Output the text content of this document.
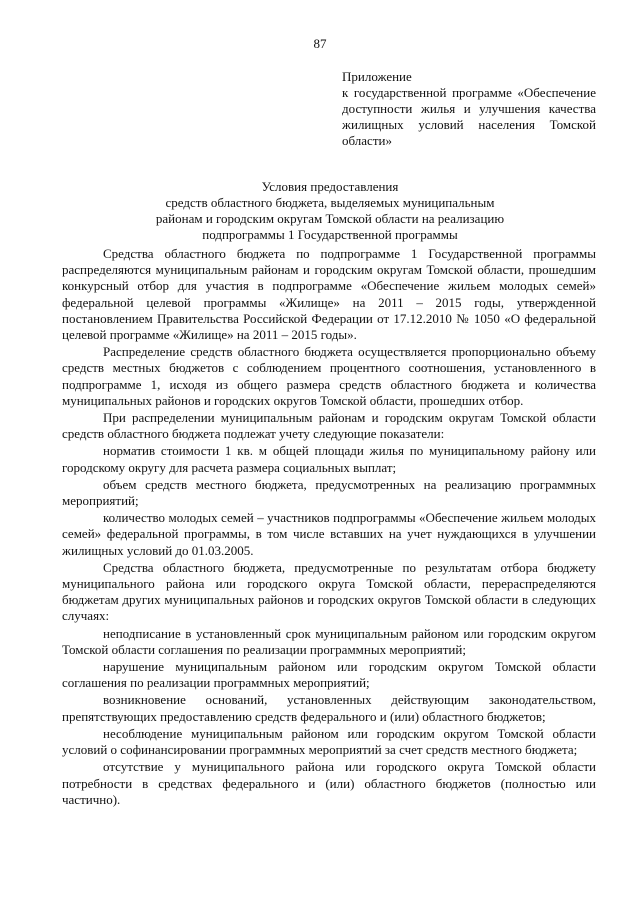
87
Приложение
к государственной программе «Обеспечение доступности жилья и улучшения качества жилищных условий населения Томской области»
Условия предоставления
средств областного бюджета, выделяемых муниципальным
районам и городским округам Томской области на реализацию
подпрограммы 1 Государственной программы

Средства областного бюджета по подпрограмме 1 Государственной программы распределяются муниципальным районам и городским округам Томской области, прошедшим конкурсный отбор для участия в подпрограмме «Обеспечение жильем молодых семей» федеральной целевой программы «Жилище» на 2011 – 2015 годы, утвержденной постановлением Правительства Российской Федерации от 17.12.2010 № 1050 «О федеральной целевой программе «Жилище» на 2011 – 2015 годы».

Распределение средств областного бюджета осуществляется пропорционально объему средств местных бюджетов с соблюдением процентного соотношения, установленного в подпрограмме 1, исходя из общего размера средств областного бюджета и количества муниципальных районов и городских округов Томской области, прошедших отбор.

При распределении муниципальным районам и городским округам Томской области средств областного бюджета подлежат учету следующие показатели:

норматив стоимости 1 кв. м общей площади жилья по муниципальному району или городскому округу для расчета размера социальных выплат;

объем средств местного бюджета, предусмотренных на реализацию программных мероприятий;

количество молодых семей – участников подпрограммы «Обеспечение жильем молодых семей» федеральной программы, в том числе вставших на учет нуждающихся в улучшении жилищных условий до 01.03.2005.

Средства областного бюджета, предусмотренные по результатам отбора бюджету муниципального района или городского округа Томской области, перераспределяются бюджетам других муниципальных районов и городских округов Томской области в следующих случаях:

неподписание в установленный срок муниципальным районом или городским округом Томской области соглашения по реализации программных мероприятий;

нарушение муниципальным районом или городским округом Томской области соглашения по реализации программных мероприятий;

возникновение оснований, установленных действующим законодательством, препятствующих предоставлению средств федерального и (или) областного бюджетов;

несоблюдение муниципальным районом или городским округом Томской области условий о софинансировании программных мероприятий за счет средств местного бюджета;

отсутствие у муниципального района или городского округа Томской области потребности в средствах федерального и (или) областного бюджетов (полностью или частично).
